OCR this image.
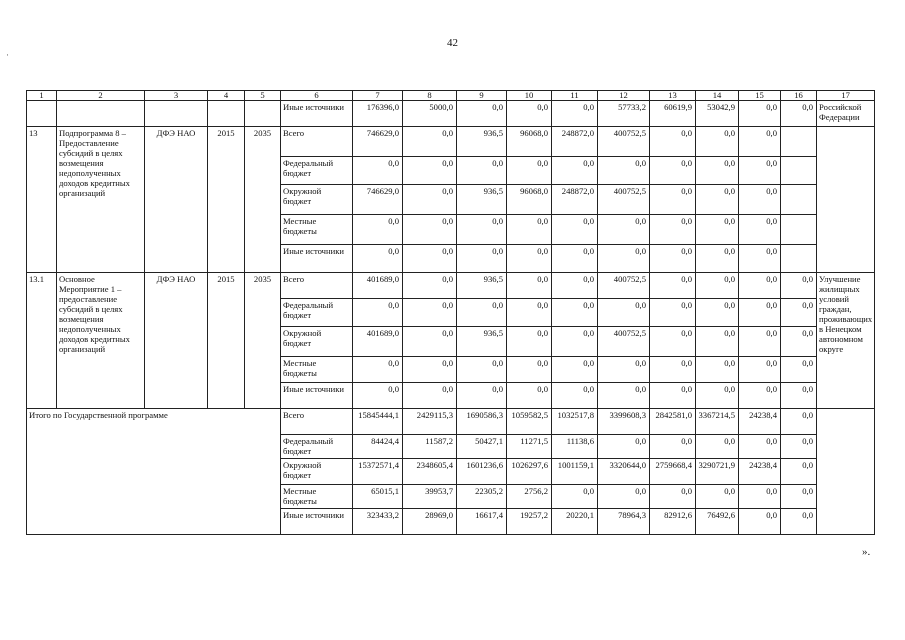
42
·
1	2	3	4	5	6	7	8	9	10	11	12	13	14	15	16	17
					Иные источники	176396,0	5000,0	0,0	0,0	0,0	57733,2	60619,9	53042,9	0,0	0,0	Российской Федерации
13	Подпрограмма 8 – Предоставление субсидий в целях возмещения недополученных доходов кредитных организаций	ДФЭ НАО	2015	2035	Всего	746629,0	0,0	936,5	96068,0	248872,0	400752,5	0,0	0,0	0,0		
					Федеральный бюджет	0,0	0,0	0,0	0,0	0,0	0,0	0,0	0,0	0,0		
					Окружной бюджет	746629,0	0,0	936,5	96068,0	248872,0	400752,5	0,0	0,0	0,0		
					Местные бюджеты	0,0	0,0	0,0	0,0	0,0	0,0	0,0	0,0	0,0		
					Иные источники	0,0	0,0	0,0	0,0	0,0	0,0	0,0	0,0	0,0		
13.1	Основное Мероприятие 1 – предоставление субсидий в целях возмещения недополученных доходов кредитных организаций	ДФЭ НАО	2015	2035	Всего	401689,0	0,0	936,5	0,0	0,0	400752,5	0,0	0,0	0,0	0,0	Улучшение жилищных условий граждан, проживающих в Ненецком автономном округе
					Федеральный бюджет	0,0	0,0	0,0	0,0	0,0	0,0	0,0	0,0	0,0	0,0	
					Окружной бюджет	401689,0	0,0	936,5	0,0	0,0	400752,5	0,0	0,0	0,0	0,0	
					Местные бюджеты	0,0	0,0	0,0	0,0	0,0	0,0	0,0	0,0	0,0	0,0	
					Иные источники	0,0	0,0	0,0	0,0	0,0	0,0	0,0	0,0	0,0	0,0	
Итого по Государственной программе					Всего	15845444,1	2429115,3	1690586,3	1059582,5	1032517,8	3399608,3	2842581,0	3367214,5	24238,4	0,0	
					Федеральный бюджет	84424,4	11587,2	50427,1	11271,5	11138,6	0,0	0,0	0,0	0,0	0,0	
					Окружной бюджет	15372571,4	2348605,4	1601236,6	1026297,6	1001159,1	3320644,0	2759668,4	3290721,9	24238,4	0,0	
					Местные бюджеты	65015,1	39953,7	22305,2	2756,2	0,0	0,0	0,0	0,0	0,0	0,0	
					Иные источники	323433,2	28969,0	16617,4	19257,2	20220,1	78964,3	82912,6	76492,6	0,0	0,0	
».
